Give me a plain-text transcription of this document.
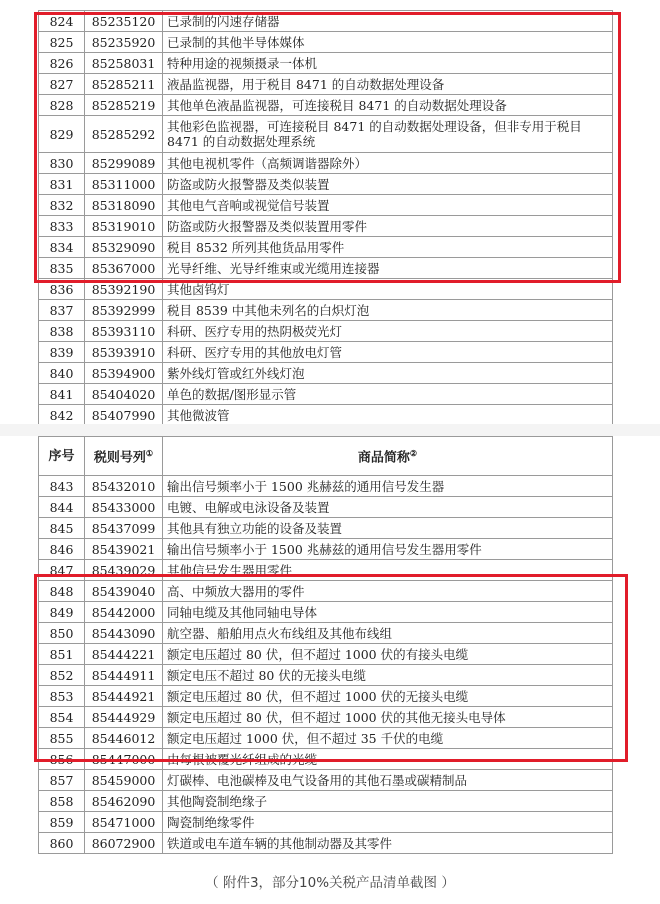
824	85235120	已录制的闪速存储器
825	85235920	已录制的其他半导体媒体
826	85258031	特种用途的视频摄录一体机
827	85285211	液晶监视器，用于税目 8471 的自动数据处理设备
828	85285219	其他单色液晶监视器，可连接税目 8471 的自动数据处理设备
829	85285292	其他彩色监视器，可连接税目 8471 的自动数据处理设备，但非专用于税目 8471 的自动数据处理系统
830	85299089	其他电视机零件（高频调谐器除外）
831	85311000	防盗或防火报警器及类似装置
832	85318090	其他电气音响或视觉信号装置
833	85319010	防盗或防火报警器及类似装置用零件
834	85329090	税目 8532 所列其他货品用零件
835	85367000	光导纤维、光导纤维束或光缆用连接器
836	85392190	其他卤钨灯
837	85392999	税目 8539 中其他未列名的白炽灯泡
838	85393110	科研、医疗专用的热阴极荧光灯
839	85393910	科研、医疗专用的其他放电灯管
840	85394900	紫外线灯管或红外线灯泡
841	85404020	单色的数据/图形显示管
842	85407990	其他微波管
序号	税则号列①	商品简称②
843	85432010	输出信号频率小于 1500 兆赫兹的通用信号发生器
844	85433000	电镀、电解或电泳设备及装置
845	85437099	其他具有独立功能的设备及装置
846	85439021	输出信号频率小于 1500 兆赫兹的通用信号发生器用零件
847	85439029	其他信号发生器用零件
848	85439040	高、中频放大器用的零件
849	85442000	同轴电缆及其他同轴电导体
850	85443090	航空器、船舶用点火布线组及其他布线组
851	85444221	额定电压超过 80 伏，但不超过 1000 伏的有接头电缆
852	85444911	额定电压不超过 80 伏的无接头电缆
853	85444921	额定电压超过 80 伏，但不超过 1000 伏的无接头电缆
854	85444929	额定电压超过 80 伏，但不超过 1000 伏的其他无接头电导体
855	85446012	额定电压超过 1000 伏，但不超过 35 千伏的电缆
856	85447000	由每根被覆光纤组成的光缆
857	85459000	灯碳棒、电池碳棒及电气设备用的其他石墨或碳精制品
858	85462090	其他陶瓷制绝缘子
859	85471000	陶瓷制绝缘零件
860	86072900	铁道或电车道车辆的其他制动器及其零件
（ 附件3，部分10%关税产品清单截图 ）
